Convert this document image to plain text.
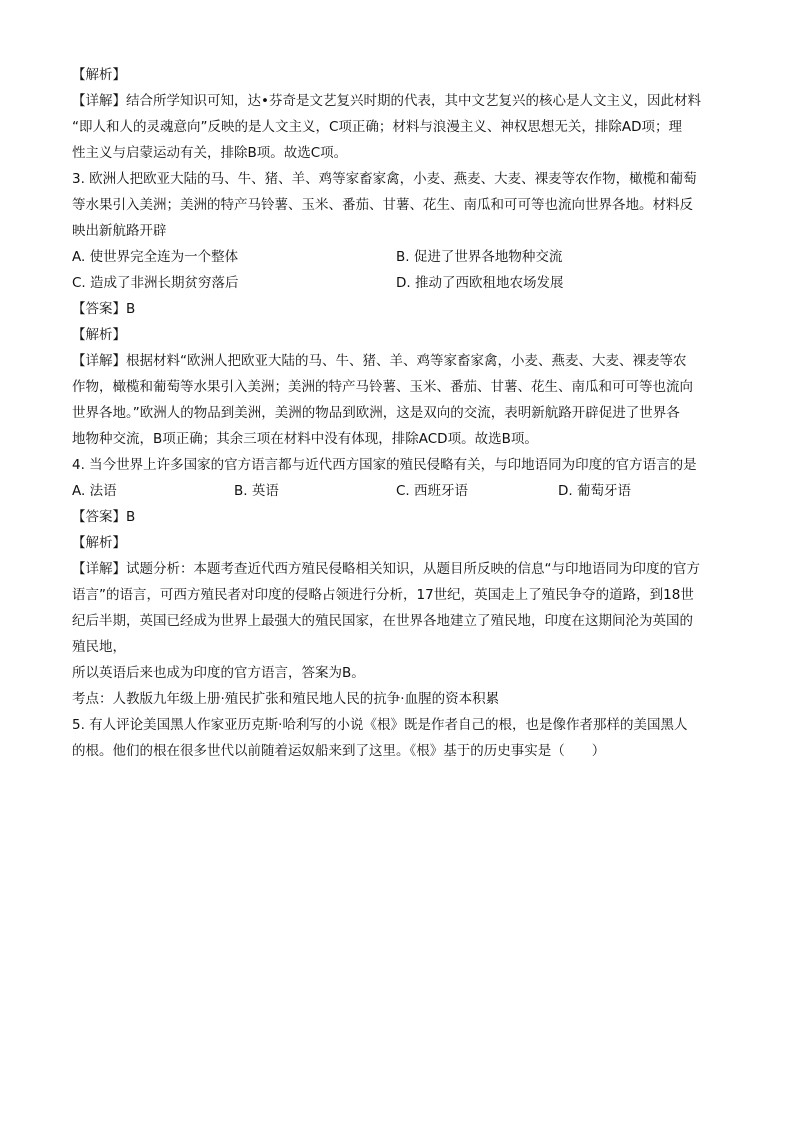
【解析】
【详解】结合所学知识可知，达•芬奇是文艺复兴时期的代表，其中文艺复兴的核心是人文主义，因此材料
“即人和人的灵魂意向”反映的是人文主义，C项正确；材料与浪漫主义、神权思想无关，排除AD项；理
性主义与启蒙运动有关，排除B项。故选C项。
3. 欧洲人把欧亚大陆的马、牛、猪、羊、鸡等家畜家禽，小麦、燕麦、大麦、裸麦等农作物，橄榄和葡萄
等水果引入美洲；美洲的特产马铃薯、玉米、番茄、甘薯、花生、南瓜和可可等也流向世界各地。材料反
映出新航路开辟
A. 使世界完全连为一个整体	B. 促进了世界各地物种交流
C. 造成了非洲长期贫穷落后	D. 推动了西欧租地农场发展
【答案】B
【解析】
【详解】根据材料“欧洲人把欧亚大陆的马、牛、猪、羊、鸡等家畜家禽，小麦、燕麦、大麦、裸麦等农
作物，橄榄和葡萄等水果引入美洲；美洲的特产马铃薯、玉米、番茄、甘薯、花生、南瓜和可可等也流向
世界各地。”欧洲人的物品到美洲，美洲的物品到欧洲，这是双向的交流，表明新航路开辟促进了世界各
地物种交流，B项正确；其余三项在材料中没有体现，排除ACD项。故选B项。
4. 当今世界上许多国家的官方语言都与近代西方国家的殖民侵略有关，与印地语同为印度的官方语言的是
A. 法语	B. 英语	C. 西班牙语	D. 葡萄牙语
【答案】B
【解析】
【详解】试题分析：本题考查近代西方殖民侵略相关知识，从题目所反映的信息“与印地语同为印度的官方
语言”的语言，可西方殖民者对印度的侵略占领进行分析，17世纪，英国走上了殖民争夺的道路，到18世
纪后半期，英国已经成为世界上最强大的殖民国家，在世界各地建立了殖民地，印度在这期间沦为英国的
殖民地，
所以英语后来也成为印度的官方语言，答案为B。
考点：人教版九年级上册·殖民扩张和殖民地人民的抗争·血腥的资本积累
5. 有人评论美国黑人作家亚历克斯·哈利写的小说《根》既是作者自己的根，也是像作者那样的美国黑人
的根。他们的根在很多世代以前随着运奴船来到了这里。《根》基于的历史事实是（　　）
